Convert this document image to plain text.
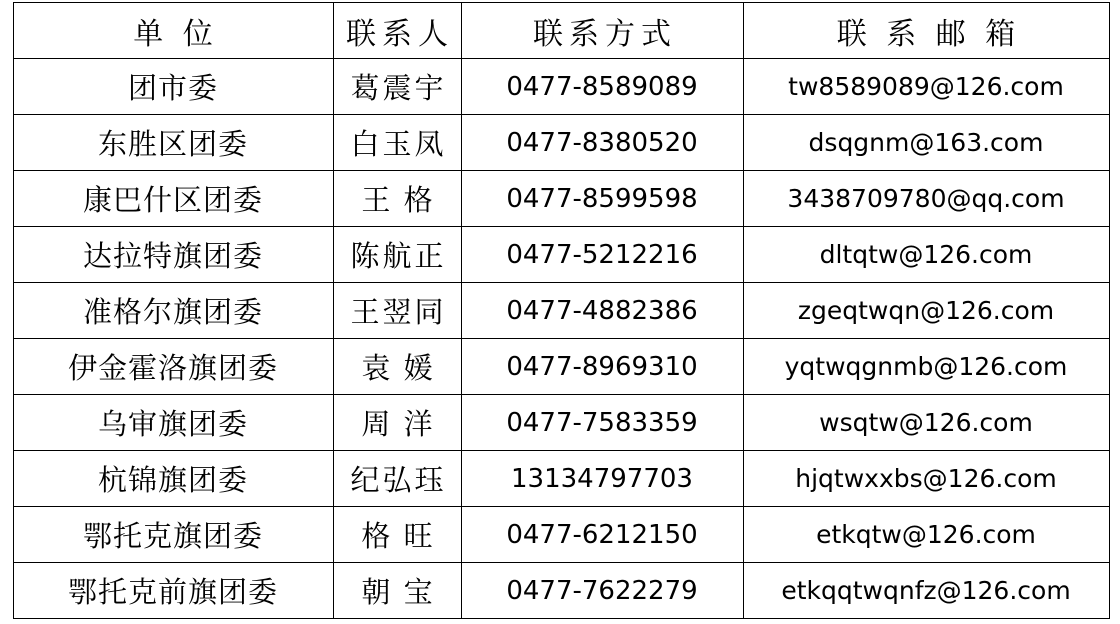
单 位	联系人	联系方式	联 系 邮 箱
团市委	葛震宇	0477-8589089	tw8589089@126.com
东胜区团委	白玉凤	0477-8380520	dsqgnm@163.com
康巴什区团委	王 格	0477-8599598	3438709780@qq.com
达拉特旗团委	陈航正	0477-5212216	dltqtw@126.com
准格尔旗团委	王翌同	0477-4882386	zgeqtwqn@126.com
伊金霍洛旗团委	袁 媛	0477-8969310	yqtwqgnmb@126.com
乌审旗团委	周 洋	0477-7583359	wsqtw@126.com
杭锦旗团委	纪弘珏	13134797703	hjqtwxxbs@126.com
鄂托克旗团委	格 旺	0477-6212150	etkqtw@126.com
鄂托克前旗团委	朝 宝	0477-7622279	etkqqtwqnfz@126.com
